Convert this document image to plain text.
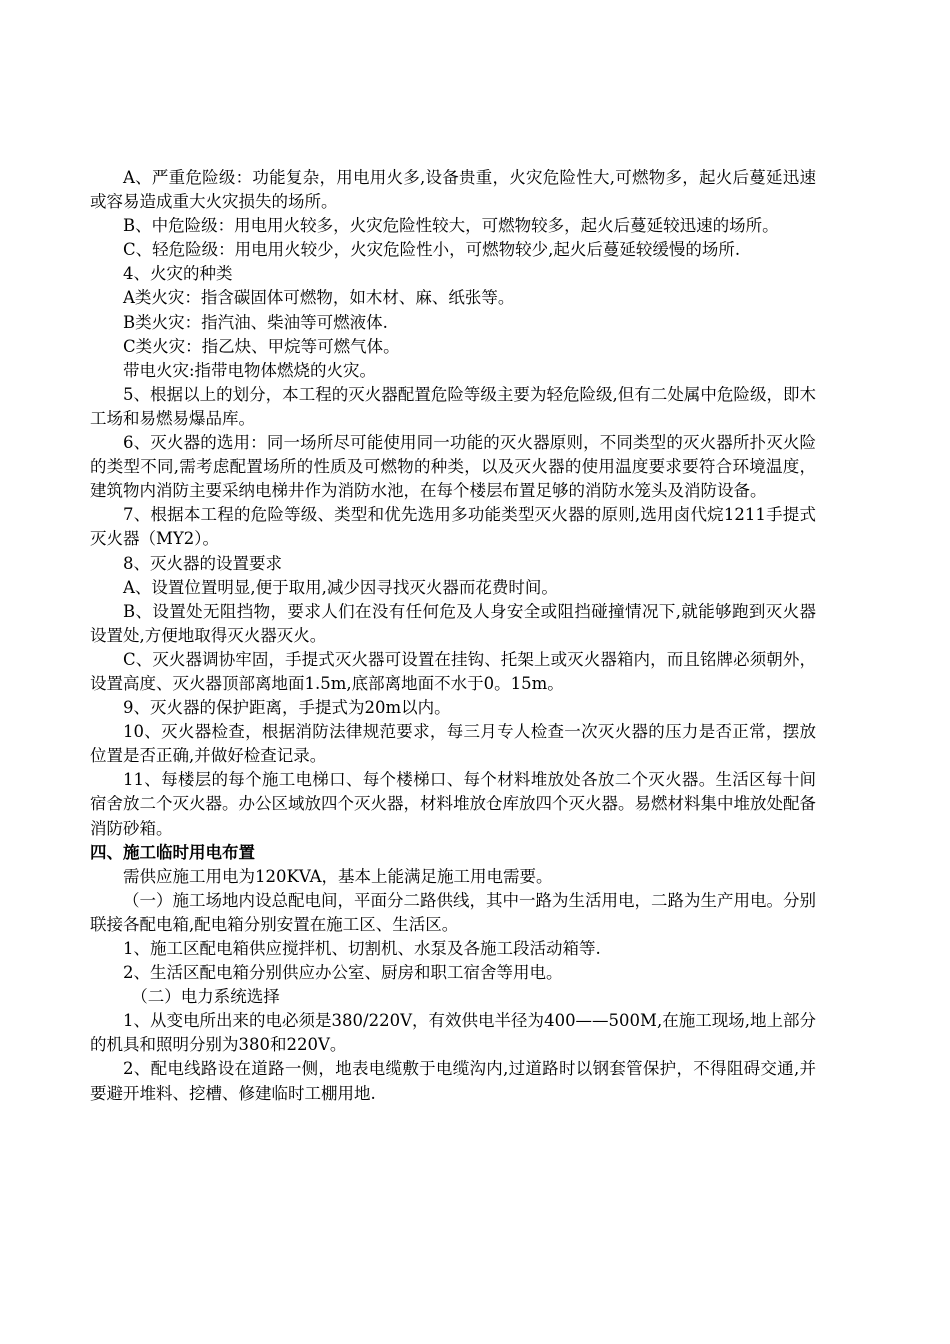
A、严重危险级：功能复杂，用电用火多,设备贵重，火灾危险性大,可燃物多，起火后蔓延迅速或容易造成重大火灾损失的场所。

B、中危险级：用电用火较多，火灾危险性较大，可燃物较多，起火后蔓延较迅速的场所。

C、轻危险级：用电用火较少，火灾危险性小，可燃物较少,起火后蔓延较缓慢的场所.

4、火灾的种类

A类火灾：指含碳固体可燃物，如木材、麻、纸张等。

B类火灾：指汽油、柴油等可燃液体.

C类火灾：指乙炔、甲烷等可燃气体。

带电火灾:指带电物体燃烧的火灾。

5、根据以上的划分，本工程的灭火器配置危险等级主要为轻危险级,但有二处属中危险级，即木工场和易燃易爆品库。

6、灭火器的选用：同一场所尽可能使用同一功能的灭火器原则，不同类型的灭火器所扑灭火险的类型不同,需考虑配置场所的性质及可燃物的种类，以及灭火器的使用温度要求要符合环境温度，建筑物内消防主要采纳电梯井作为消防水池，在每个楼层布置足够的消防水笼头及消防设备。

7、根据本工程的危险等级、类型和优先选用多功能类型灭火器的原则,选用卤代烷1211手提式灭火器（MY2）。

8、灭火器的设置要求

A、设置位置明显,便于取用,减少因寻找灭火器而花费时间。

B、设置处无阻挡物，要求人们在没有任何危及人身安全或阻挡碰撞情况下,就能够跑到灭火器设置处,方便地取得灭火器灭火。

C、灭火器调协牢固，手提式灭火器可设置在挂钩、托架上或灭火器箱内，而且铭牌必须朝外，设置高度、灭火器顶部离地面1.5m,底部离地面不水于0。15m。

9、灭火器的保护距离，手提式为20m以内。

10、灭火器检查，根据消防法律规范要求，每三月专人检查一次灭火器的压力是否正常，摆放位置是否正确,并做好检查记录。

11、每楼层的每个施工电梯口、每个楼梯口、每个材料堆放处各放二个灭火器。生活区每十间宿舍放二个灭火器。办公区域放四个灭火器，材料堆放仓库放四个灭火器。易燃材料集中堆放处配备消防砂箱。

四、施工临时用电布置

需供应施工用电为120KVA，基本上能满足施工用电需要。

（一）施工场地内设总配电间，平面分二路供线，其中一路为生活用电，二路为生产用电。分别联接各配电箱,配电箱分别安置在施工区、生活区。

1、施工区配电箱供应搅拌机、切割机、水泵及各施工段活动箱等.

2、生活区配电箱分别供应办公室、厨房和职工宿舍等用电。

（二）电力系统选择

1、从变电所出来的电必须是380/220V，有效供电半径为400——500M,在施工现场,地上部分的机具和照明分别为380和220V。

2、配电线路设在道路一侧，地表电缆敷于电缆沟内,过道路时以钢套管保护，不得阻碍交通,并要避开堆料、挖槽、修建临时工棚用地.
